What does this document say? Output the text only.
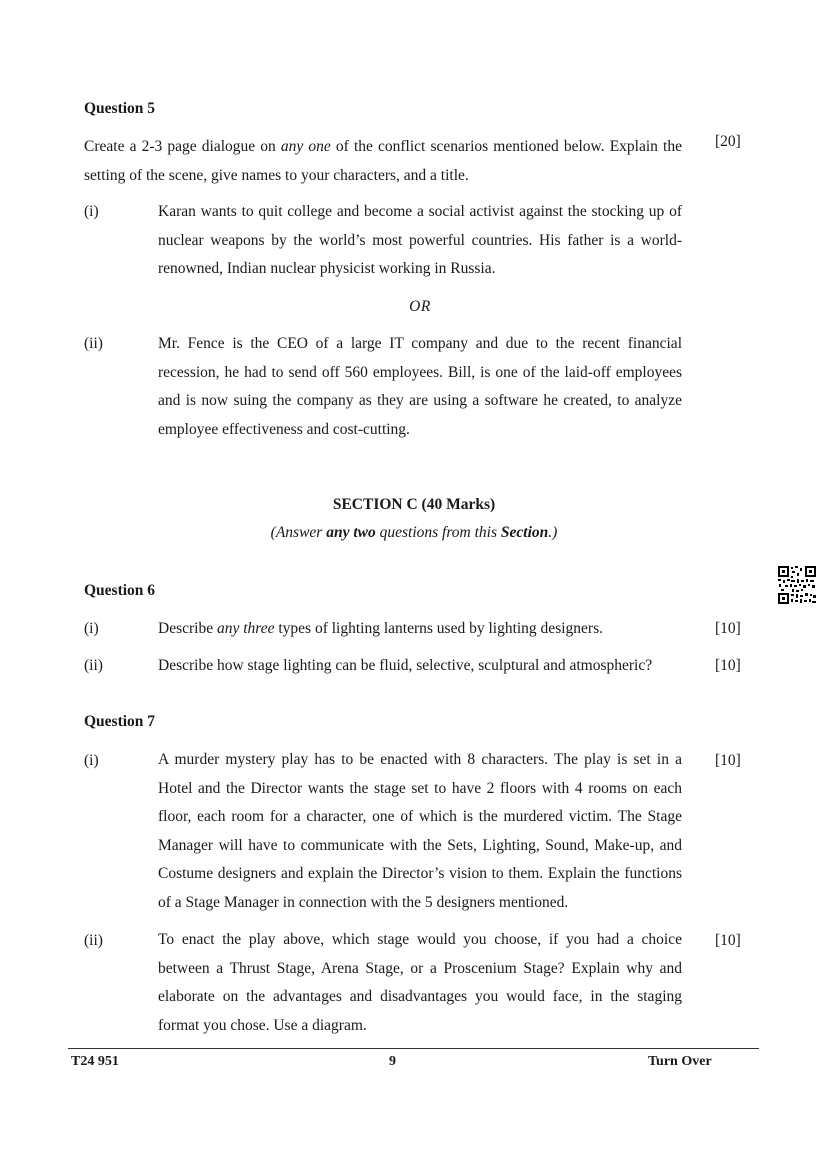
Question 5
Create a 2-3 page dialogue on any one of the conflict scenarios mentioned below. Explain the setting of the scene, give names to your characters, and a title.
[20]
(i)	Karan wants to quit college and become a social activist against the stocking up of nuclear weapons by the world’s most powerful countries. His father is a world-renowned, Indian nuclear physicist working in Russia.
OR
(ii)	Mr. Fence is the CEO of a large IT company and due to the recent financial recession, he had to send off 560 employees. Bill, is one of the laid-off employees and is now suing the company as they are using a software he created, to analyze employee effectiveness and cost-cutting.
SECTION C (40 Marks)
(Answer any two questions from this Section.)
Question 6
(i)	Describe any three types of lighting lanterns used by lighting designers.	[10]
(ii)	Describe how stage lighting can be fluid, selective, sculptural and atmospheric?	[10]
Question 7
(i)	A murder mystery play has to be enacted with 8 characters. The play is set in a Hotel and the Director wants the stage set to have 2 floors with 4 rooms on each floor, each room for a character, one of which is the murdered victim. The Stage Manager will have to communicate with the Sets, Lighting, Sound, Make-up, and Costume designers and explain the Director’s vision to them. Explain the functions of a Stage Manager in connection with the 5 designers mentioned.
[10]
(ii)	To enact the play above, which stage would you choose, if you had a choice between a Thrust Stage, Arena Stage, or a Proscenium Stage? Explain why and elaborate on the advantages and disadvantages you would face, in the staging format you chose. Use a diagram.
[10]
T24 951	9	Turn Over
